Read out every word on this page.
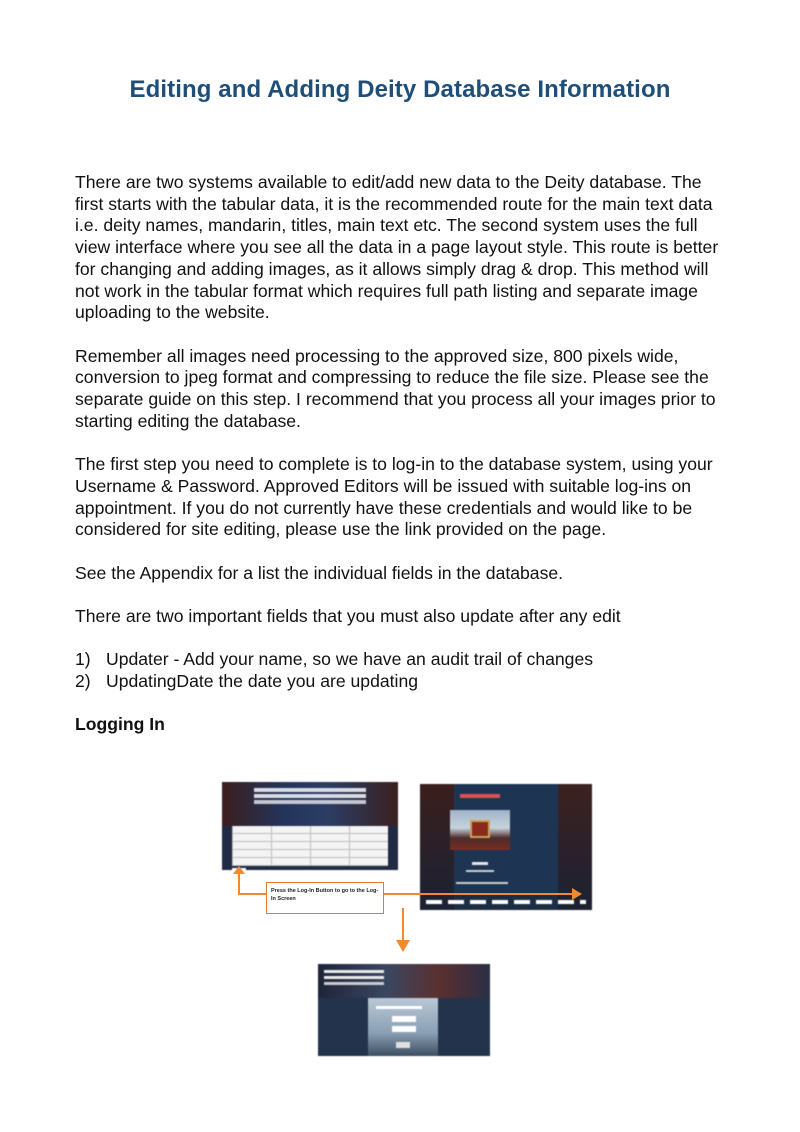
Editing and Adding Deity Database Information

There are two systems available to edit/add new data to the Deity database. The first starts with the tabular data, it is the recommended route for the main text data i.e. deity names, mandarin, titles, main text etc. The second system uses the full view interface where you see all the data in a page layout style. This route is better for changing and adding images, as it allows simply drag & drop. This method will not work in the tabular format which requires full path listing and separate image uploading to the website.

Remember all images need processing to the approved size, 800 pixels wide, conversion to jpeg format and compressing to reduce the file size. Please see the separate guide on this step. I recommend that you process all your images prior to starting editing the database.

The first step you need to complete is to log-in to the database system, using your Username & Password. Approved Editors will be issued with suitable log-ins on appointment. If you do not currently have these credentials and would like to be considered for site editing, please use the link provided on the page.

See the Appendix for a list the individual fields in the database.

There are two important fields that you must also update after any edit

1) Updater - Add your name, so we have an audit trail of changes
2) UpdatingDate the date you are updating

Logging In

Press the Log-In Button to go to the Log-In Screen
